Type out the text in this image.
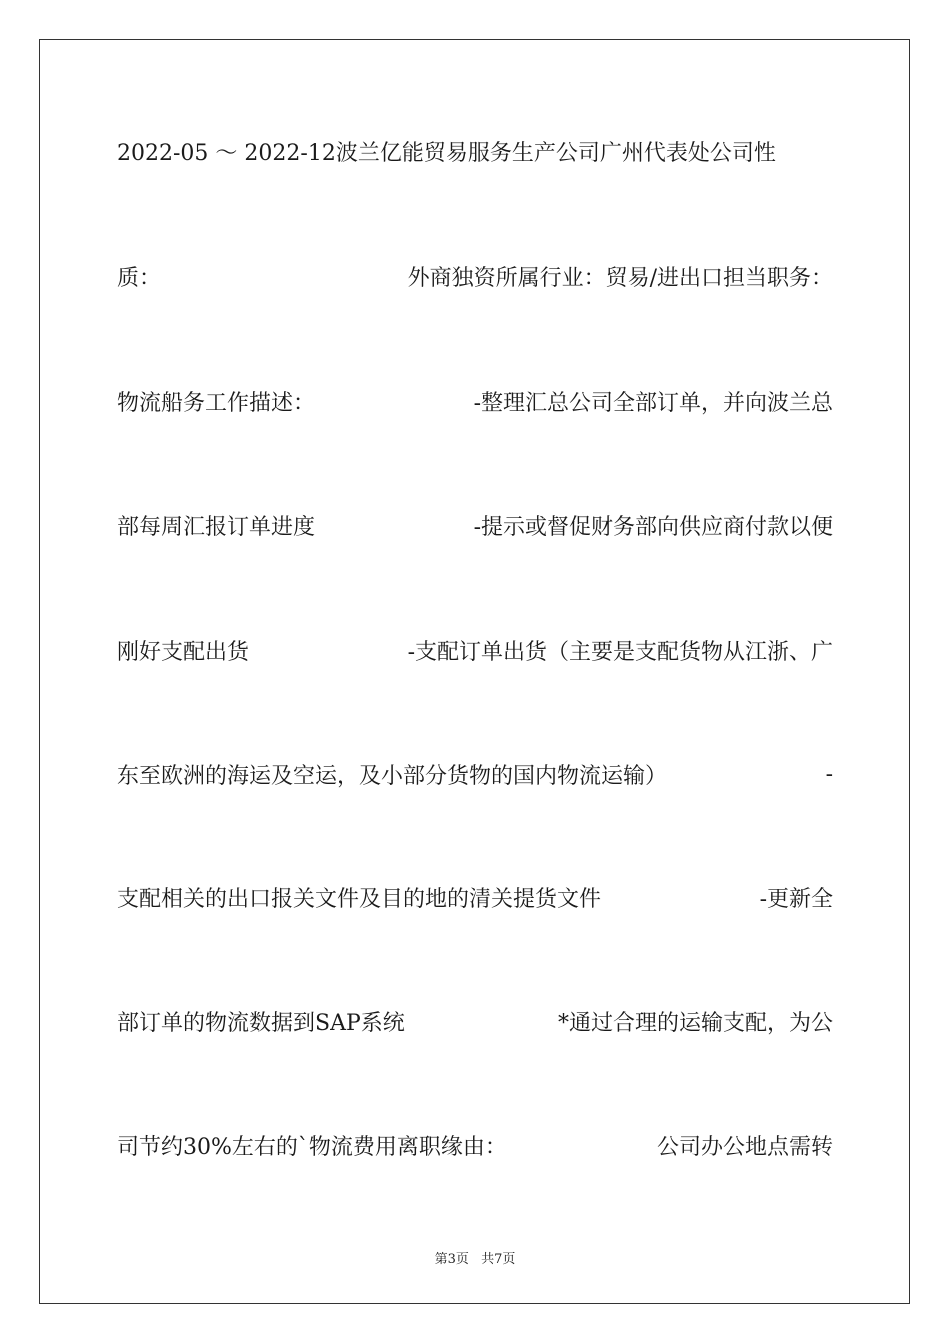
2022-05 ～ 2022-12波兰亿能贸易服务生产公司广州代表处公司性
质：	外商独资所属行业：贸易/进出口担当职务：
物流船务工作描述：	-整理汇总公司全部订单，并向波兰总
部每周汇报订单进度	-提示或督促财务部向供应商付款以便
刚好支配出货	-支配订单出货（主要是支配货物从江浙、广
东至欧洲的海运及空运，及小部分货物的国内物流运输）	-
支配相关的出口报关文件及目的地的清关提货文件	-更新全
部订单的物流数据到SAP系统	*通过合理的运输支配，为公
司节约30%左右的`物流费用离职缘由：	公司办公地点需转
第3页 共7页
